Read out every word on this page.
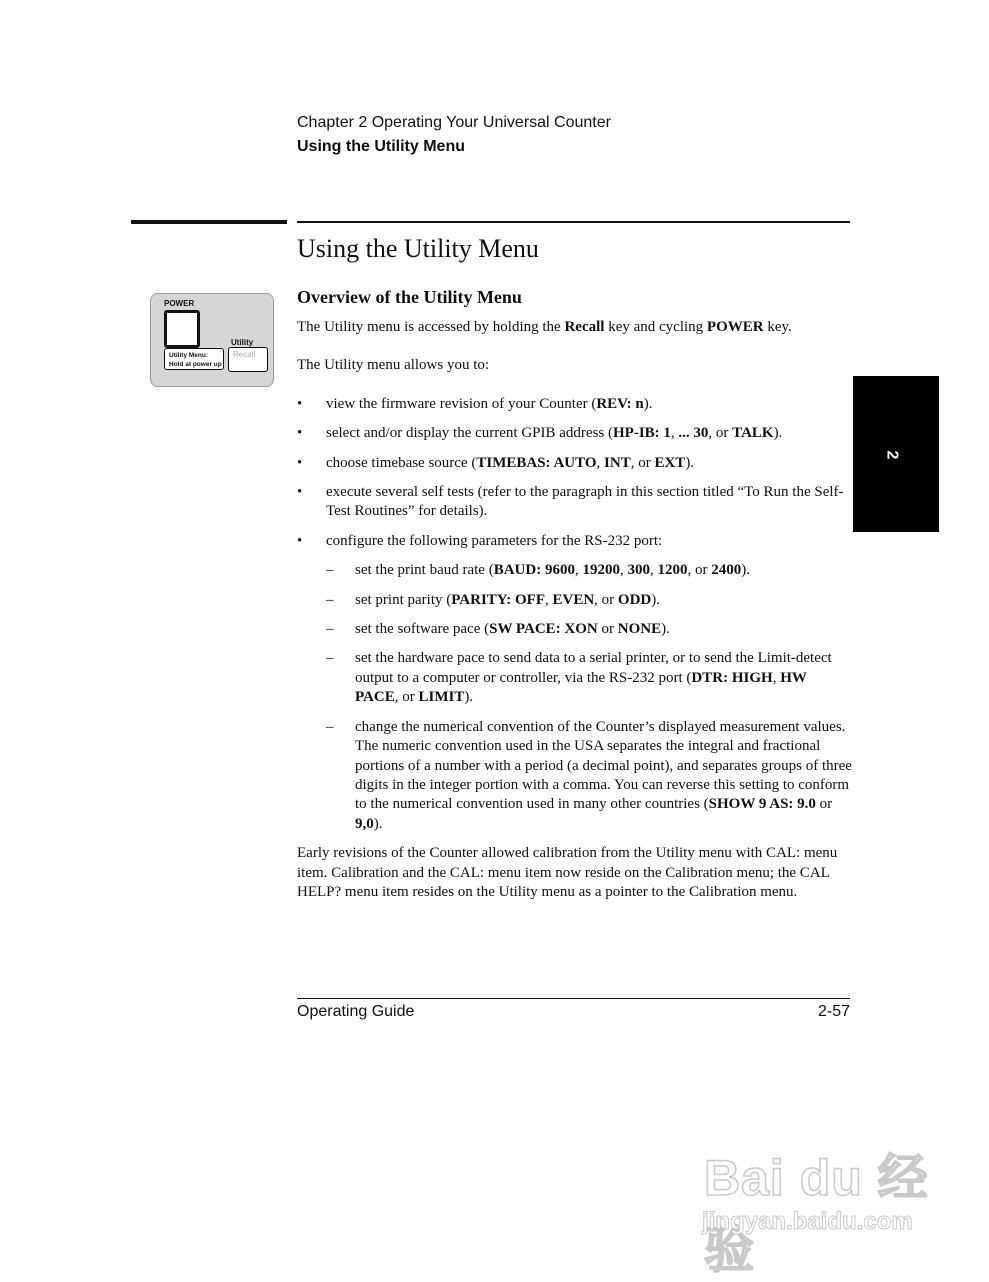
Chapter 2 Operating Your Universal Counter
Using the Utility Menu
Using the Utility Menu
POWER
Utility
Utility Menu:
Hold at power up
Recall
Overview of the Utility Menu

The Utility menu is accessed by holding the Recall key and cycling POWER key.

The Utility menu allows you to:

• view the firmware revision of your Counter (REV: n).
• select and/or display the current GPIB address (HP-IB: 1, ... 30, or TALK).
• choose timebase source (TIMEBAS: AUTO, INT, or EXT).
• execute several self tests (refer to the paragraph in this section titled “To Run the Self-Test Routines” for details).
• configure the following parameters for the RS-232 port:
– set the print baud rate (BAUD: 9600, 19200, 300, 1200, or 2400).
– set print parity (PARITY: OFF, EVEN, or ODD).
– set the software pace (SW PACE: XON or NONE).
– set the hardware pace to send data to a serial printer, or to send the Limit-detect output to a computer or controller, via the RS-232 port (DTR: HIGH, HW PACE, or LIMIT).
– change the numerical convention of the Counter’s displayed measurement values. The numeric convention used in the USA separates the integral and fractional portions of a number with a period (a decimal point), and separates groups of three digits in the integer portion with a comma. You can reverse this setting to conform to the numerical convention used in many other countries (SHOW 9 AS: 9.0 or 9,0).

Early revisions of the Counter allowed calibration from the Utility menu with CAL: menu item. Calibration and the CAL: menu item now reside on the Calibration menu; the CAL HELP? menu item resides on the Utility menu as a pointer to the Calibration menu.

Operating Guide	2-57
2
Bai du 经验
jingyan.baidu.com
